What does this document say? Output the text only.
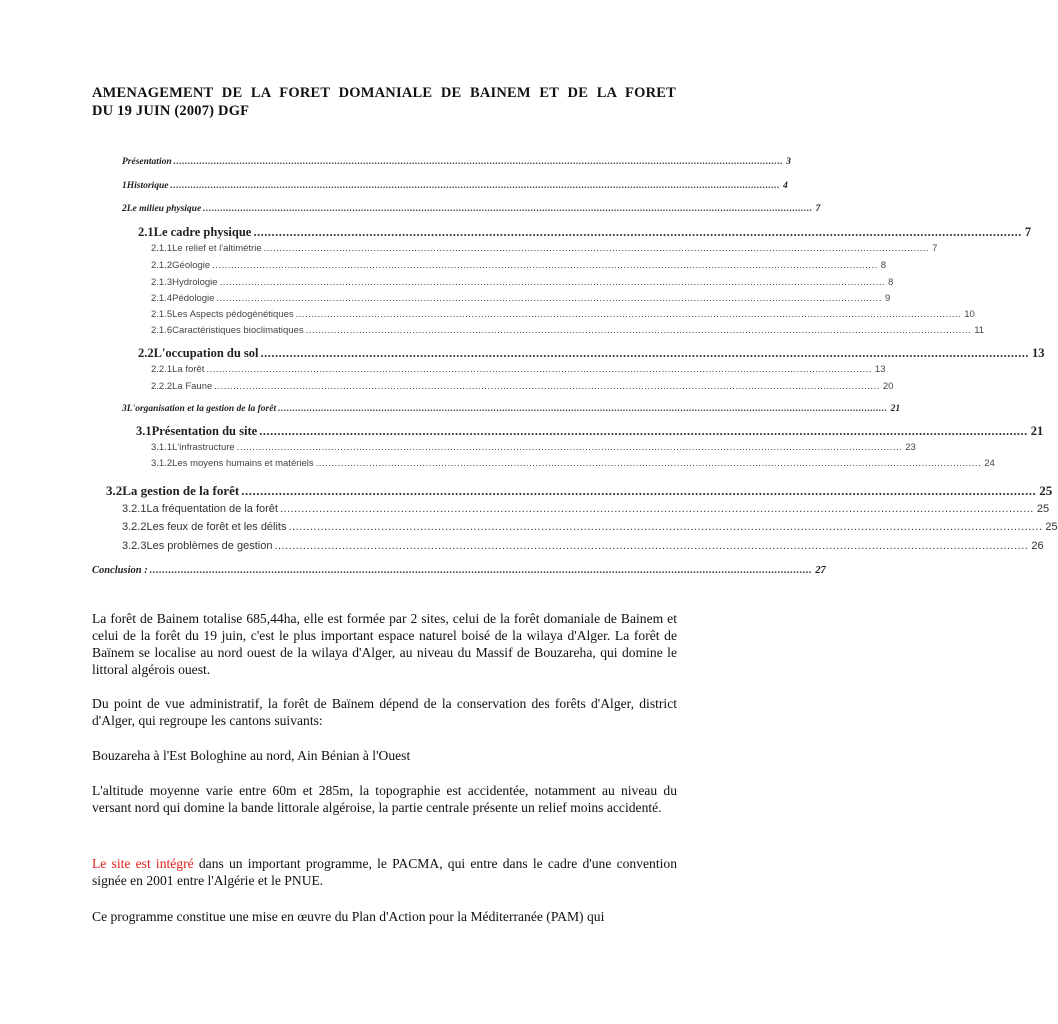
AMENAGEMENT DE LA FORET DOMANIALE DE BAINEM ET DE LA FORET
DU 19 JUIN (2007) DGF
Présentation .................................................................................................................................................................................................................... 3
1 Historique .................................................................................................................................................................................................................... 4
2 Le milieu physique .................................................................................................................................................................................................................... 7
2.1 Le cadre physique .................................................................................................................................................................................................................... 7
2.1.1 Le relief et l'altimétrie .................................................................................................................................................................................................................... 7
2.1.2 Géologie .................................................................................................................................................................................................................... 8
2.1.3 Hydrologie .................................................................................................................................................................................................................... 8
2.1.4 Pédologie .................................................................................................................................................................................................................... 9
2.1.5 Les Aspects pédogénétiques .................................................................................................................................................................................................................... 10
2.1.6 Caractéristiques bioclimatiques .................................................................................................................................................................................................................... 11
2.2 L'occupation du sol .................................................................................................................................................................................................................... 13
2.2.1 La forêt .................................................................................................................................................................................................................... 13
2.2.2 La Faune .................................................................................................................................................................................................................... 20
3 L'organisation et la gestion de la forêt .................................................................................................................................................................................................................... 21
3.1 Présentation du site .................................................................................................................................................................................................................... 21
3.1.1 L'infrastructure .................................................................................................................................................................................................................... 23
3.1.2 Les moyens humains et matériels .................................................................................................................................................................................................................... 24
3.2 La gestion de la forêt .................................................................................................................................................................................................................... 25
3.2.1 La fréquentation de la forêt .................................................................................................................................................................................................................... 25
3.2.2 Les feux de forêt et les délits .................................................................................................................................................................................................................... 25
3.2.3 Les problèmes de gestion .................................................................................................................................................................................................................... 26
Conclusion : .................................................................................................................................................................................................................... 27

La forêt de Bainem totalise 685,44ha, elle est formée par 2 sites, celui de la forêt domaniale de Bainem et celui de la forêt du 19 juin, c'est le plus important espace naturel boisé de la wilaya d'Alger. La forêt de Baïnem se localise au nord ouest de la wilaya d'Alger, au niveau du Massif de Bouzareha, qui domine le littoral algérois ouest.

Du point de vue administratif, la forêt de Baïnem dépend de la conservation des forêts d'Alger, district d'Alger, qui regroupe les cantons suivants:

Bouzareha à l'Est Bologhine au nord, Ain Bénian à l'Ouest

L'altitude moyenne varie entre 60m et 285m, la topographie est accidentée, notamment au niveau du versant nord qui domine la bande littorale algéroise, la partie centrale présente un relief moins accidenté.

Le site est intégré dans un important programme, le PACMA, qui entre dans le cadre d'une convention signée en 2001 entre l'Algérie et le PNUE.

Ce programme constitue une mise en œuvre du Plan d'Action pour la Méditerranée (PAM) qui
